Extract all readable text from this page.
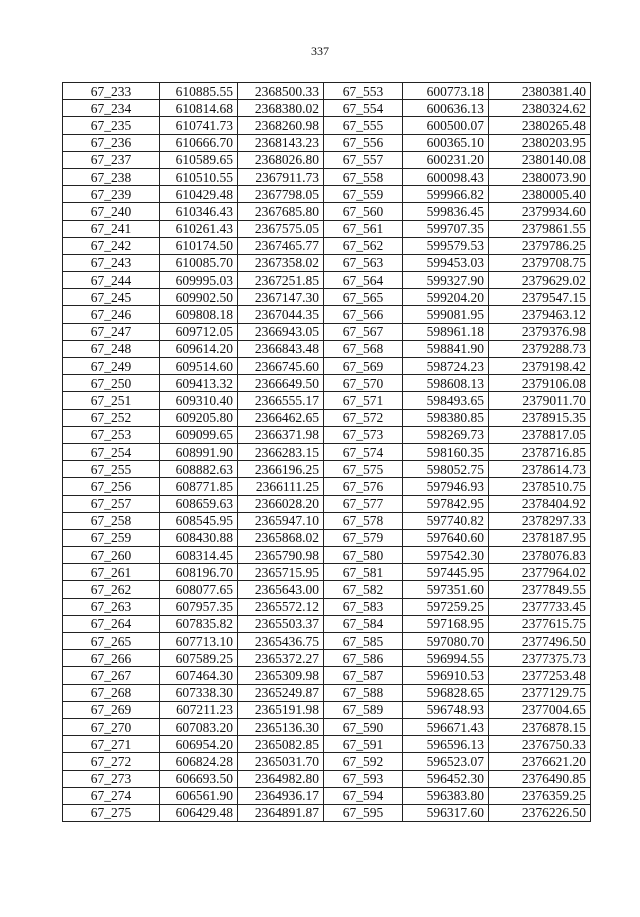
337
67_233	610885.55	2368500.33	67_553	600773.18	2380381.40
67_234	610814.68	2368380.02	67_554	600636.13	2380324.62
67_235	610741.73	2368260.98	67_555	600500.07	2380265.48
67_236	610666.70	2368143.23	67_556	600365.10	2380203.95
67_237	610589.65	2368026.80	67_557	600231.20	2380140.08
67_238	610510.55	2367911.73	67_558	600098.43	2380073.90
67_239	610429.48	2367798.05	67_559	599966.82	2380005.40
67_240	610346.43	2367685.80	67_560	599836.45	2379934.60
67_241	610261.43	2367575.05	67_561	599707.35	2379861.55
67_242	610174.50	2367465.77	67_562	599579.53	2379786.25
67_243	610085.70	2367358.02	67_563	599453.03	2379708.75
67_244	609995.03	2367251.85	67_564	599327.90	2379629.02
67_245	609902.50	2367147.30	67_565	599204.20	2379547.15
67_246	609808.18	2367044.35	67_566	599081.95	2379463.12
67_247	609712.05	2366943.05	67_567	598961.18	2379376.98
67_248	609614.20	2366843.48	67_568	598841.90	2379288.73
67_249	609514.60	2366745.60	67_569	598724.23	2379198.42
67_250	609413.32	2366649.50	67_570	598608.13	2379106.08
67_251	609310.40	2366555.17	67_571	598493.65	2379011.70
67_252	609205.80	2366462.65	67_572	598380.85	2378915.35
67_253	609099.65	2366371.98	67_573	598269.73	2378817.05
67_254	608991.90	2366283.15	67_574	598160.35	2378716.85
67_255	608882.63	2366196.25	67_575	598052.75	2378614.73
67_256	608771.85	2366111.25	67_576	597946.93	2378510.75
67_257	608659.63	2366028.20	67_577	597842.95	2378404.92
67_258	608545.95	2365947.10	67_578	597740.82	2378297.33
67_259	608430.88	2365868.02	67_579	597640.60	2378187.95
67_260	608314.45	2365790.98	67_580	597542.30	2378076.83
67_261	608196.70	2365715.95	67_581	597445.95	2377964.02
67_262	608077.65	2365643.00	67_582	597351.60	2377849.55
67_263	607957.35	2365572.12	67_583	597259.25	2377733.45
67_264	607835.82	2365503.37	67_584	597168.95	2377615.75
67_265	607713.10	2365436.75	67_585	597080.70	2377496.50
67_266	607589.25	2365372.27	67_586	596994.55	2377375.73
67_267	607464.30	2365309.98	67_587	596910.53	2377253.48
67_268	607338.30	2365249.87	67_588	596828.65	2377129.75
67_269	607211.23	2365191.98	67_589	596748.93	2377004.65
67_270	607083.20	2365136.30	67_590	596671.43	2376878.15
67_271	606954.20	2365082.85	67_591	596596.13	2376750.33
67_272	606824.28	2365031.70	67_592	596523.07	2376621.20
67_273	606693.50	2364982.80	67_593	596452.30	2376490.85
67_274	606561.90	2364936.17	67_594	596383.80	2376359.25
67_275	606429.48	2364891.87	67_595	596317.60	2376226.50
